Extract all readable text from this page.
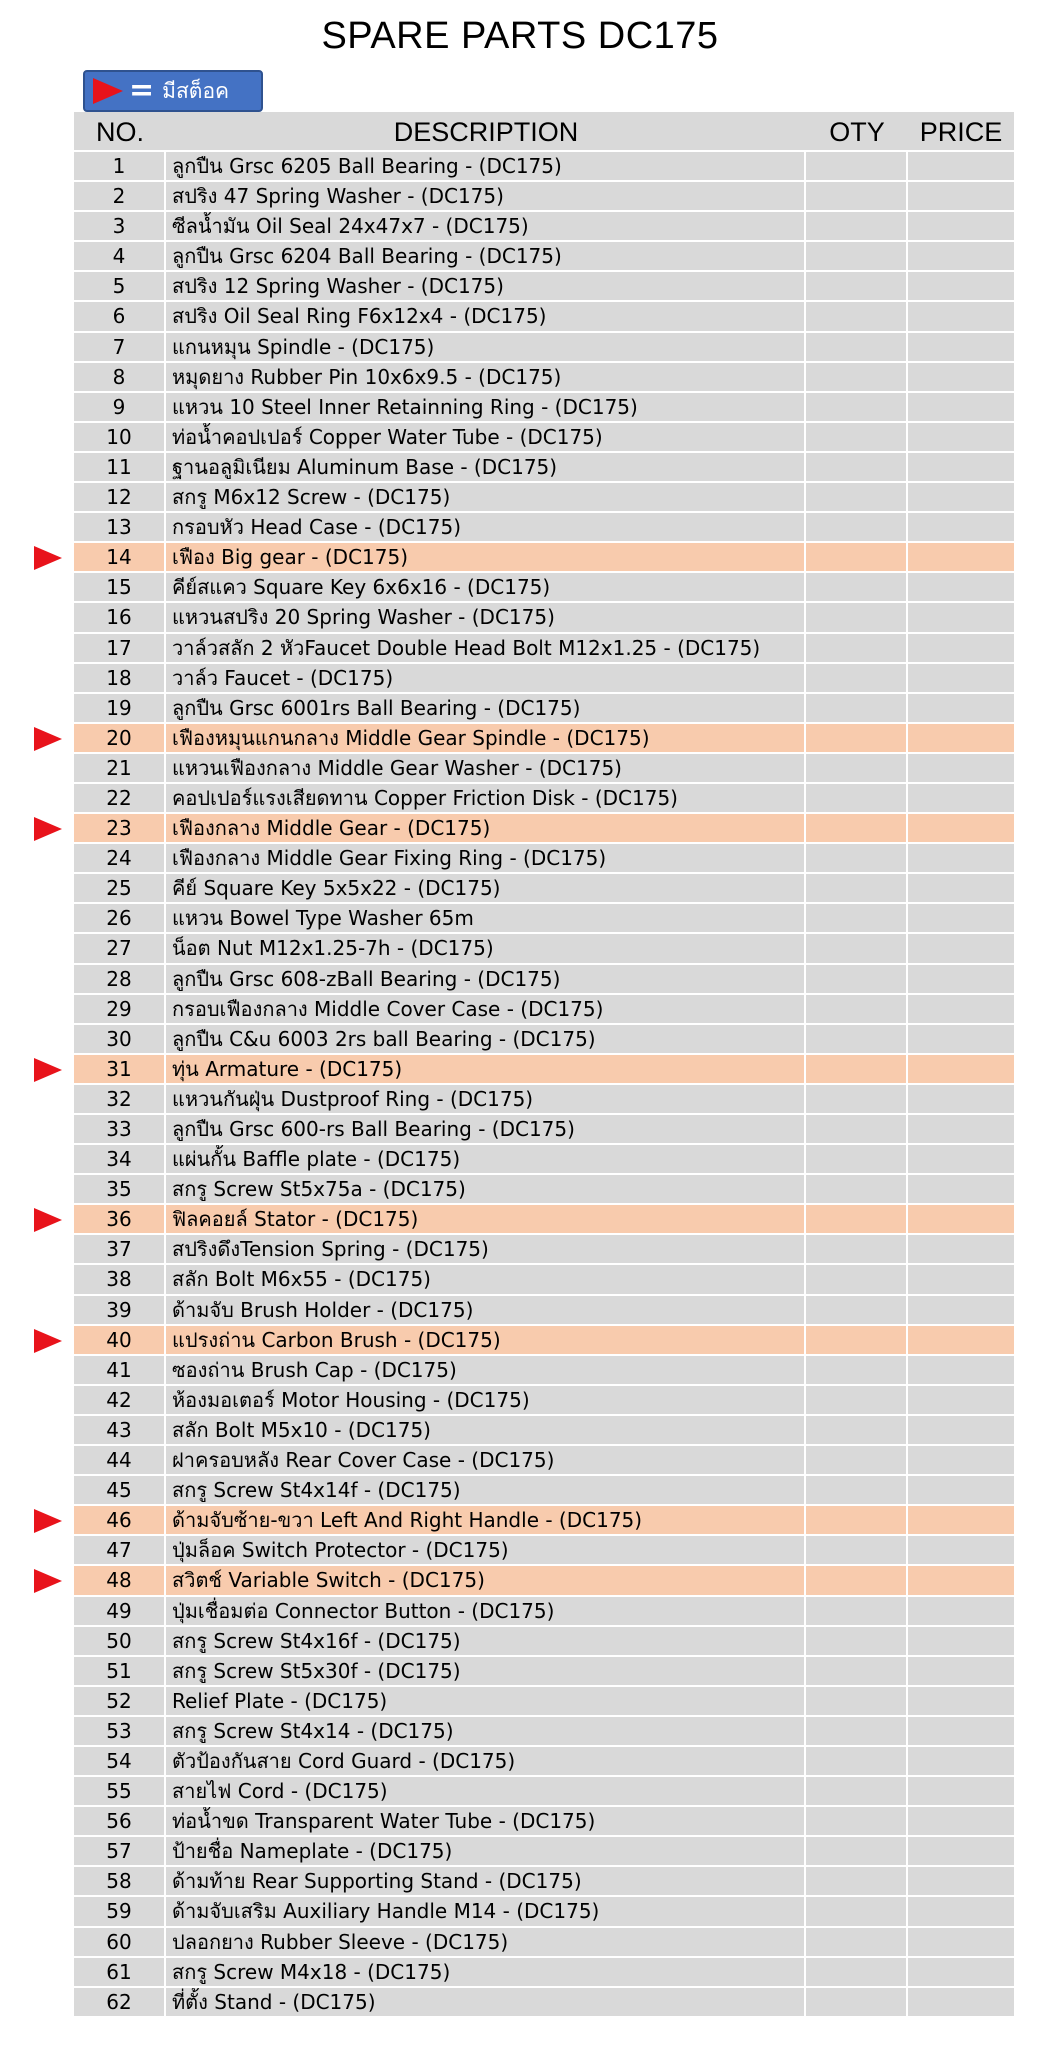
SPARE PARTS DC175
= มีสต็อค
NO.	DESCRIPTION	OTY	PRICE
1	ลูกปืน Grsc 6205 Ball Bearing - (DC175)
2	สปริง 47 Spring Washer - (DC175)
3	ซีลน้ำมัน Oil Seal 24x47x7 - (DC175)
4	ลูกปืน Grsc 6204 Ball Bearing - (DC175)
5	สปริง 12 Spring Washer - (DC175)
6	สปริง Oil Seal Ring F6x12x4 - (DC175)
7	แกนหมุน Spindle - (DC175)
8	หมุดยาง Rubber Pin 10x6x9.5 - (DC175)
9	แหวน 10 Steel Inner Retainning Ring - (DC175)
10	ท่อน้ำคอปเปอร์ Copper Water Tube - (DC175)
11	ฐานอลูมิเนียม Aluminum Base - (DC175)
12	สกรู M6x12 Screw - (DC175)
13	กรอบหัว Head Case - (DC175)
14	เฟือง Big gear - (DC175)
15	คีย์สแคว Square Key 6x6x16 - (DC175)
16	แหวนสปริง 20 Spring Washer - (DC175)
17	วาล์วสลัก 2 หัวFaucet Double Head Bolt M12x1.25 - (DC175)
18	วาล์ว Faucet - (DC175)
19	ลูกปืน Grsc 6001rs Ball Bearing - (DC175)
20	เฟืองหมุนแกนกลาง Middle Gear Spindle - (DC175)
21	แหวนเฟืองกลาง Middle Gear Washer - (DC175)
22	คอปเปอร์แรงเสียดทาน Copper Friction Disk - (DC175)
23	เฟืองกลาง Middle Gear - (DC175)
24	เฟืองกลาง Middle Gear Fixing Ring - (DC175)
25	คีย์ Square Key 5x5x22 - (DC175)
26	แหวน Bowel Type Washer 65m
27	น็อต Nut M12x1.25-7h - (DC175)
28	ลูกปืน Grsc 608-zBall Bearing - (DC175)
29	กรอบเฟืองกลาง Middle Cover Case - (DC175)
30	ลูกปืน C&u 6003 2rs ball Bearing - (DC175)
31	ทุ่น Armature - (DC175)
32	แหวนกันฝุ่น Dustproof Ring - (DC175)
33	ลูกปืน Grsc 600-rs Ball Bearing - (DC175)
34	แผ่นกั้น Baffle plate - (DC175)
35	สกรู Screw St5x75a - (DC175)
36	ฟิลคอยล์ Stator - (DC175)
37	สปริงดึงTension Spring - (DC175)
38	สลัก Bolt M6x55 - (DC175)
39	ด้ามจับ Brush Holder - (DC175)
40	แปรงถ่าน Carbon Brush - (DC175)
41	ซองถ่าน Brush Cap - (DC175)
42	ห้องมอเตอร์ Motor Housing - (DC175)
43	สลัก Bolt M5x10 - (DC175)
44	ฝาครอบหลัง Rear Cover Case - (DC175)
45	สกรู Screw St4x14f - (DC175)
46	ด้ามจับซ้าย-ขวา Left And Right Handle - (DC175)
47	ปุ่มล็อค Switch Protector - (DC175)
48	สวิตช์ Variable Switch - (DC175)
49	ปุ่มเชื่อมต่อ Connector Button - (DC175)
50	สกรู Screw St4x16f - (DC175)
51	สกรู Screw St5x30f - (DC175)
52	Relief Plate - (DC175)
53	สกรู Screw St4x14 - (DC175)
54	ตัวป้องกันสาย Cord Guard - (DC175)
55	สายไฟ Cord - (DC175)
56	ท่อน้ำขด Transparent Water Tube - (DC175)
57	ป้ายชื่อ Nameplate - (DC175)
58	ด้ามท้าย Rear Supporting Stand - (DC175)
59	ด้ามจับเสริม Auxiliary Handle M14 - (DC175)
60	ปลอกยาง Rubber Sleeve - (DC175)
61	สกรู Screw M4x18 - (DC175)
62	ที่ตั้ง Stand - (DC175)
